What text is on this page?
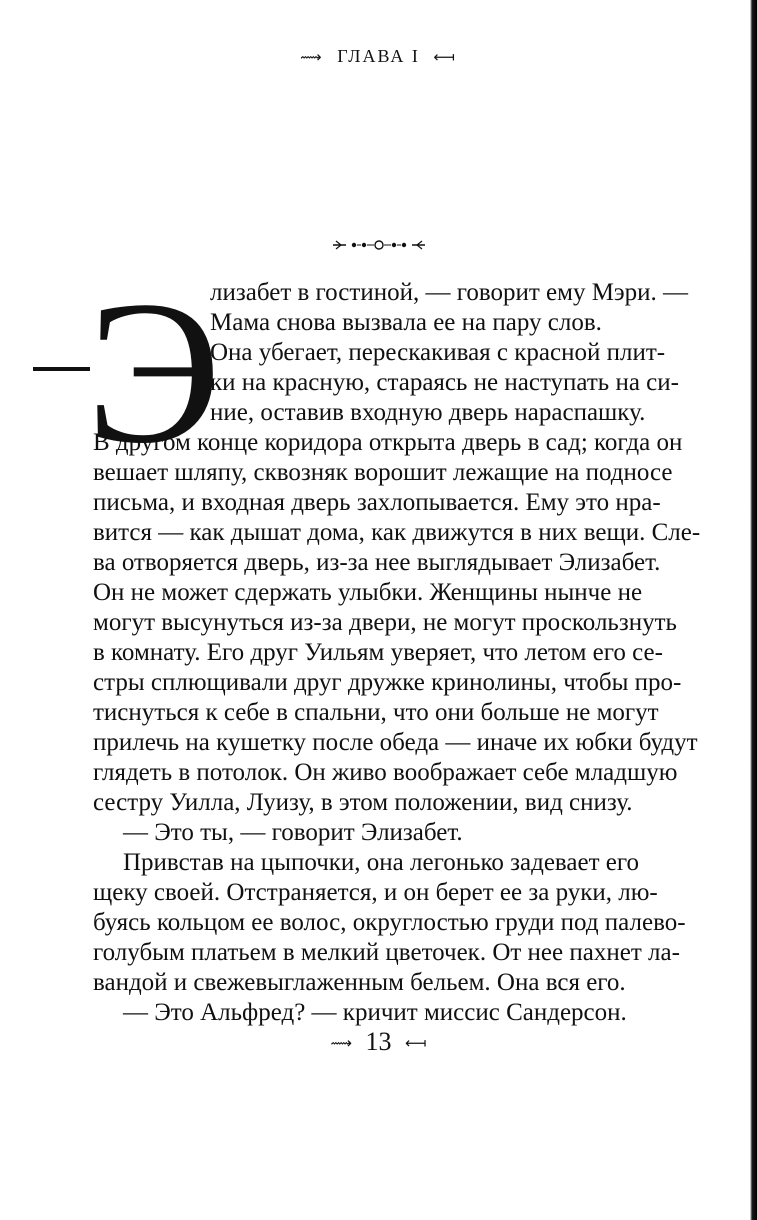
⟿ ГЛАВА I ⟻
Э
лизабет в гостиной, — говорит ему Мэри. —
Мама снова вызвала ее на пару слов.
Она убегает, перескакивая с красной плит-
ки на красную, стараясь не наступать на си-
ние, оставив входную дверь нараспашку.
В другом конце коридора открыта дверь в сад; когда он
вешает шляпу, сквозняк ворошит лежащие на подносе
письма, и входная дверь захлопывается. Ему это нра-
вится — как дышат дома, как движутся в них вещи. Сле-
ва отворяется дверь, из-за нее выглядывает Элизабет.
Он не может сдержать улыбки. Женщины нынче не
могут высунуться из-за двери, не могут проскользнуть
в комнату. Его друг Уильям уверяет, что летом его се-
стры сплющивали друг дружке кринолины, чтобы про-
тиснуться к себе в спальни, что они больше не могут
прилечь на кушетку после обеда — иначе их юбки будут
глядеть в потолок. Он живо воображает себе младшую
сестру Уилла, Луизу, в этом положении, вид снизу.
— Это ты, — говорит Элизабет.
Привстав на цыпочки, она легонько задевает его
щеку своей. Отстраняется, и он берет ее за руки, лю-
буясь кольцом ее волос, округлостью груди под палево-
голубым платьем в мелкий цветочек. От нее пахнет ла-
вандой и свежевыглаженным бельем. Она вся его.
— Это Альфред? — кричит миссис Сандерсон.
⟿ 13 ⟻
